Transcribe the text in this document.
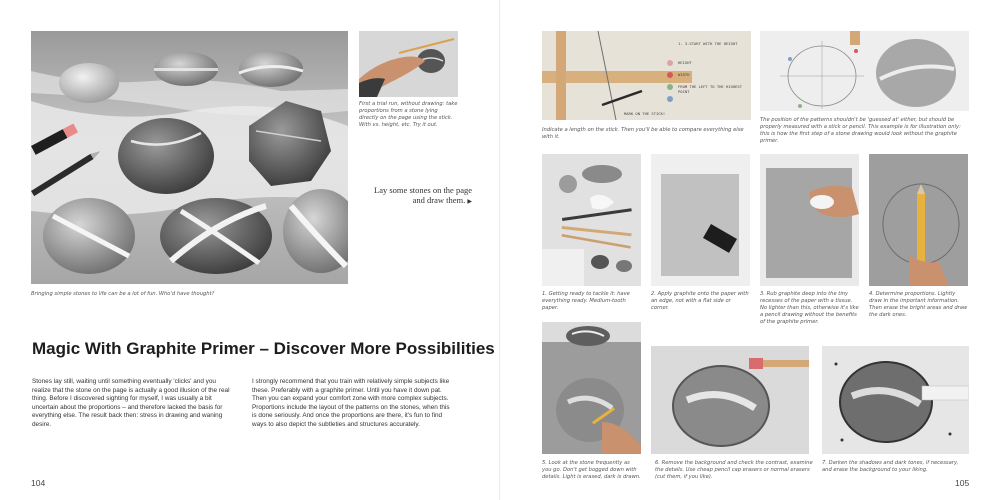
Bringing simple stones to life can be a lot of fun. Who'd have thought?
First a trial run, without drawing: take proportions from a stone lying directly on the page using the stick. With vs. height, etc. Try it out.
Lay some stones on the page and draw them. ▶
Magic With Graphite Primer – Discover More Possibilities
Stones lay still, waiting until something eventually 'clicks' and you realize that the stone on the page is actually a good illusion of the real thing. Before I discovered sighting for myself, I was usually a bit uncertain about the proportions – and therefore lacked the basis for everything else. The result back then: stress in drawing and waning desire.
I strongly recommend that you train with relatively simple subjects like these. Preferably with a graphite primer. Until you have it down pat. Then you can expand your comfort zone with more complex subjects. Proportions include the layout of the patterns on the stones, when this is done seriously. And once the proportions are there, it's fun to find ways to also depict the subtleties and structures accurately.
104
1. 3-START WITH THE HEIGHT
HEIGHT
WIDTH
FROM THE LEFT TO THE HIGHEST POINT
MARK ON THE STICK!
Indicate a length on the stick. Then you'll be able to compare everything else with it.
The position of the patterns shouldn't be 'guessed at' either, but should be properly measured with a stick or pencil. This example is for illustration only: this is how the first step of a stone drawing would look without the graphite primer.
1. Getting ready to tackle it: have everything ready. Medium-tooth paper.
2. Apply graphite onto the paper with an edge, not with a flat side or corner.
3. Rub graphite deep into the tiny recesses of the paper with a tissue. No lighter than this, otherwise it's like a pencil drawing without the benefits of the graphite primer.
4. Determine proportions. Lightly draw in the important information. Then erase the bright areas and draw the dark ones.
5. Look at the stone frequently as you go. Don't get bogged down with details. Light is erased, dark is drawn.
6. Remove the background and check the contrast, examine the details. Use cheap pencil cap erasers or normal erasers (cut them, if you like).
7. Darken the shadows and dark tones, if necessary, and erase the background to your liking.
105
